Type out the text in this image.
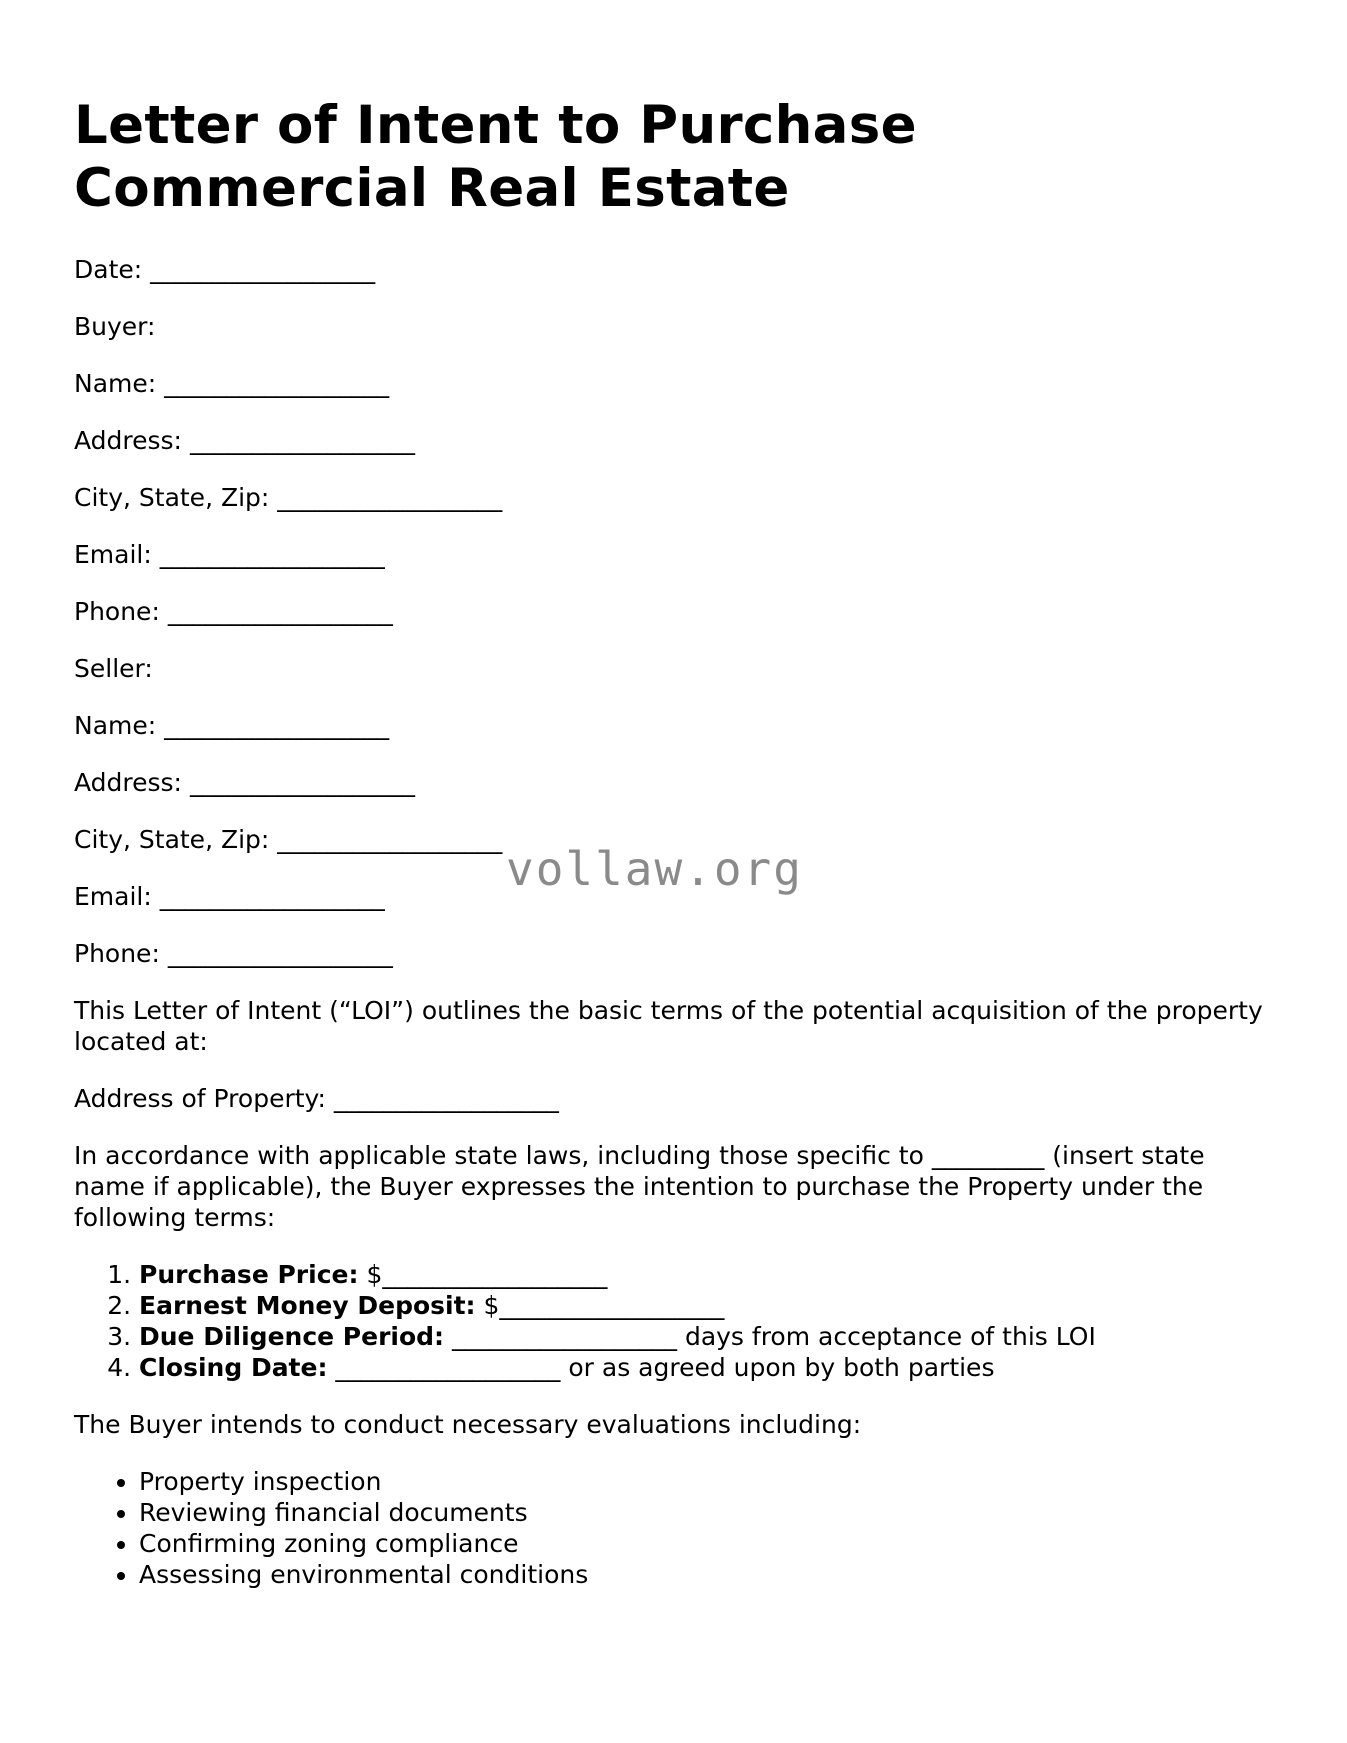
Letter of Intent to Purchase
Commercial Real Estate

Date: __________________

Buyer:

Name: __________________

Address: __________________

City, State, Zip: __________________

Email: __________________

Phone: __________________

Seller:

Name: __________________

Address: __________________

City, State, Zip: __________________

Email: __________________

Phone: __________________

This Letter of Intent (“LOI”) outlines the basic terms of the potential acquisition of the property located at:

Address of Property: __________________

In accordance with applicable state laws, including those specific to _________ (insert state name if applicable), the Buyer expresses the intention to purchase the Property under the following terms:

1. Purchase Price: $__________________
2. Earnest Money Deposit: $__________________
3. Due Diligence Period: __________________ days from acceptance of this LOI
4. Closing Date: __________________ or as agreed upon by both parties

The Buyer intends to conduct necessary evaluations including:

• Property inspection
• Reviewing financial documents
• Confirming zoning compliance
• Assessing environmental conditions
vollaw.org
